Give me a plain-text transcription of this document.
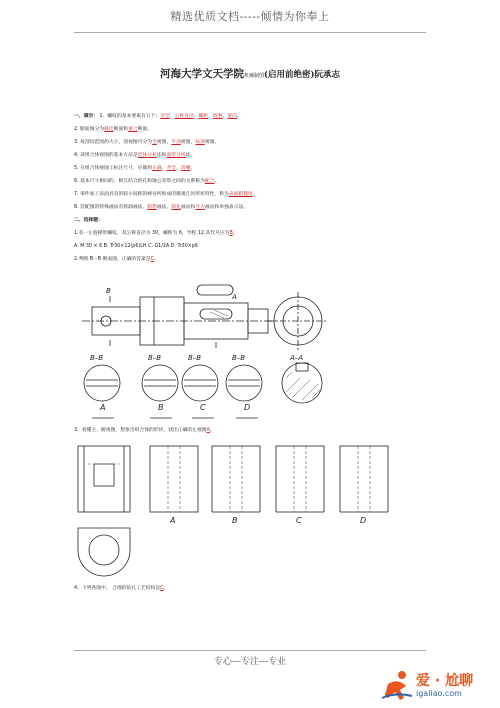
精选优质文档-----倾情为你奉上
河海大学文天学院机械制图(启用前绝密)阮承志
一、填空： 1．螺纹的基本要素有五个：牙型，公称直径，螺距，线数，旋向。
2. 断面图分为移出断面和重合断面。
3. 按剖切范围的大小，剖视图可分为全视图，半剖视图，局部视图。
4. 读组合体视图的基本方法是形体分析法和面形分析法。
5. 在组合体视图上标注尺寸，应做到正确，齐全，清晰。
6. 基本尺寸相同的，相互结合的孔和轴公差带之间的关系称为配合。
7. 零件加工表面具有的较小间距的峰谷所组成的微观几何形状特性，称为表面粗糙度。
8. 装配图的特殊画法有拆卸画法，假想画法，简化画法和夸大画法和单独表示法。
二、选择题：
1.有一左旋梯形螺纹，其公称直径为 30，螺距为 6，导程 12,其代号应为B。
A. M 30 × 6 B. Tr30×12(p6)LH C. G1/2A D. Tr30×p6
2.判断 B－B 断面图，正确的答案是C。
B–B	B–B	B–B	B–B	A–A
A	B	C	D
B
A
3、看懂主、俯视图，想象出组合体的形状，找出正确的左视图A。
A	B	C	D
4、下列各图中， 合理的钻孔工艺结构是C。
专心---专注---专业
爱 · 尬聊
igaliao.com
